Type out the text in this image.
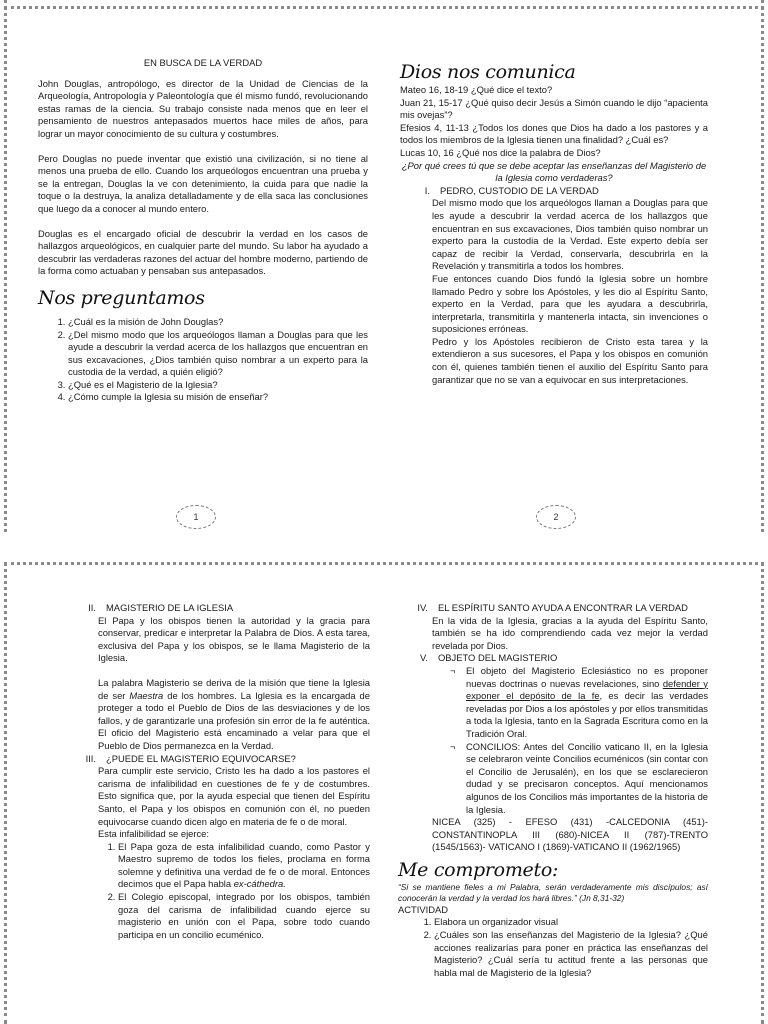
EN BUSCA DE LA VERDAD

John Douglas, antropólogo, es director de la Unidad de Ciencias de la Arqueología, Antropología y Paleontología que él mismo fundó, revolucionando estas ramas de la ciencia. Su trabajo consiste nada menos que en leer el pensamiento de nuestros antepasados muertos hace miles de años, para lograr un mayor conocimiento de su cultura y costumbres.

Pero Douglas no puede inventar que existió una civilización, si no tiene al menos una prueba de ello. Cuando los arqueólogos encuentran una prueba y se la entregan, Douglas la ve con detenimiento, la cuida para que nadie la toque o la destruya, la analiza detalladamente y de ella saca las conclusiones que luego da a conocer al mundo entero.

Douglas es el encargado oficial de descubrir la verdad en los casos de hallazgos arqueológicos, en cualquier parte del mundo. Su labor ha ayudado a descubrir las verdaderas razones del actuar del hombre moderno, partiendo de la forma como actuaban y pensaban sus antepasados.

Nos preguntamos
1. ¿Cuál es la misión de John Douglas?
2. ¿Del mismo modo que los arqueólogos llaman a Douglas para que les ayude a descubrir la verdad acerca de los hallazgos que encuentran en sus excavaciones, ¿Dios también quiso nombrar a un experto para la custodia de la verdad, a quién eligió?
3. ¿Qué es el Magisterio de la Iglesia?
4. ¿Cómo cumple la Iglesia su misión de enseñar?
1
Dios nos comunica

Mateo 16, 18-19 ¿Qué dice el texto?

Juan 21, 15-17 ¿Qué quiso decir Jesús a Simón cuando le dijo “apacienta mis ovejas”?

Efesios 4, 11-13 ¿Todos los dones que Dios ha dado a los pastores y a todos los miembros de la Iglesia tienen una finalidad? ¿Cuál es?

Lucas 10, 16 ¿Qué nos dice la palabra de Dios?

¿Por qué crees tú que se debe aceptar las enseñanzas del Magisterio de la Iglesia como verdaderas?

I.	PEDRO, CUSTODIO DE LA VERDAD

Del mismo modo que los arqueólogos llaman a Douglas para que les ayude a descubrir la verdad acerca de los hallazgos que encuentran en sus excavaciones, Dios también quiso nombrar un experto para la custodia de la Verdad. Este experto debía ser capaz de recibir la Verdad, conservarla, descubrirla en la Revelación y transmitirla a todos los hombres.

Fue entonces cuando Dios fundó la Iglesia sobre un hombre llamado Pedro y sobre los Apóstoles, y les dio al Espíritu Santo, experto en la Verdad, para que les ayudara a descubrirla, interpretarla, transmitirla y mantenerla intacta, sin invenciones o suposiciones erróneas.

Pedro y los Apóstoles recibieron de Cristo esta tarea y la extendieron a sus sucesores, el Papa y los obispos en comunión con él, quienes también tienen el auxilio del Espíritu Santo para garantizar que no se van a equivocar en sus interpretaciones.

2
II.	MAGISTERIO DE LA IGLESIA

El Papa y los obispos tienen la autoridad y la gracia para conservar, predicar e interpretar la Palabra de Dios. A esta tarea, exclusiva del Papa y los obispos, se le llama Magisterio de la Iglesia.

La palabra Magisterio se deriva de la misión que tiene la Iglesia de ser Maestra de los hombres. La Iglesia es la encargada de proteger a todo el Pueblo de Dios de las desviaciones y de los fallos, y de garantizarle una profesión sin error de la fe auténtica. El oficio del Magisterio está encaminado a velar para que el Pueblo de Dios permanezca en la Verdad.

III.	¿PUEDE EL MAGISTERIO EQUIVOCARSE?

Para cumplir este servicio, Cristo les ha dado a los pastores el carisma de infalibilidad en cuestiones de fe y de costumbres. Esto significa que, por la ayuda especial que tienen del Espíritu Santo, el Papa y los obispos en comunión con él, no pueden equivocarse cuando dicen algo en materia de fe o de moral.

Esta infalibilidad se ejerce:

1. El Papa goza de esta infalibilidad cuando, como Pastor y Maestro supremo de todos los fieles, proclama en forma solemne y definitiva una verdad de fe o de moral. Entonces decimos que el Papa habla ex-cáthedra.
2. El Colegio episcopal, integrado por los obispos, también goza del carisma de infalibilidad cuando ejerce su magisterio en unión con el Papa, sobre todo cuando participa en un concilio ecuménico.
IV.	EL ESPÍRITU SANTO AYUDA A ENCONTRAR LA VERDAD

En la vida de la Iglesia, gracias a la ayuda del Espíritu Santo, también se ha ido comprendiendo cada vez mejor la verdad revelada por Dios.

V.	OBJETO DEL MAGISTERIO
¬ El objeto del Magisterio Eclesiástico no es proponer nuevas doctrinas o nuevas revelaciones, sino defender y exponer el depósito de la fe, es decir las verdades reveladas por Dios a los apóstoles y por ellos transmitidas a toda la Iglesia, tanto en la Sagrada Escritura como en la Tradición Oral.
¬ CONCILIOS: Antes del Concilio vaticano II, en la Iglesia se celebraron veinte Concilios ecuménicos (sin contar con el Concilio de Jerusalén), en los que se esclarecieron dudad y se precisaron conceptos. Aquí mencionamos algunos de los Concilios más importantes de la historia de la Iglesia.

NICEA (325) - EFESO (431) -CALCEDONIA (451)-CONSTANTINOPLA III (680)-NICEA II (787)-TRENTO (1545/1563)- VATICANO I (1869)-VATICANO II (1962/1965)

Me comprometo:

“Si se mantiene fieles a mi Palabra, serán verdaderamente mis discípulos; así conocerán la verdad y la verdad los hará libres.” (Jn 8,31-32)

ACTIVIDAD

1. Elabora un organizador visual
2. ¿Cuáles son las enseñanzas del Magisterio de la Iglesia? ¿Qué acciones realizarías para poner en práctica las enseñanzas del Magisterio? ¿Cuál sería tu actitud frente a las personas que habla mal de Magisterio de la Iglesia?
